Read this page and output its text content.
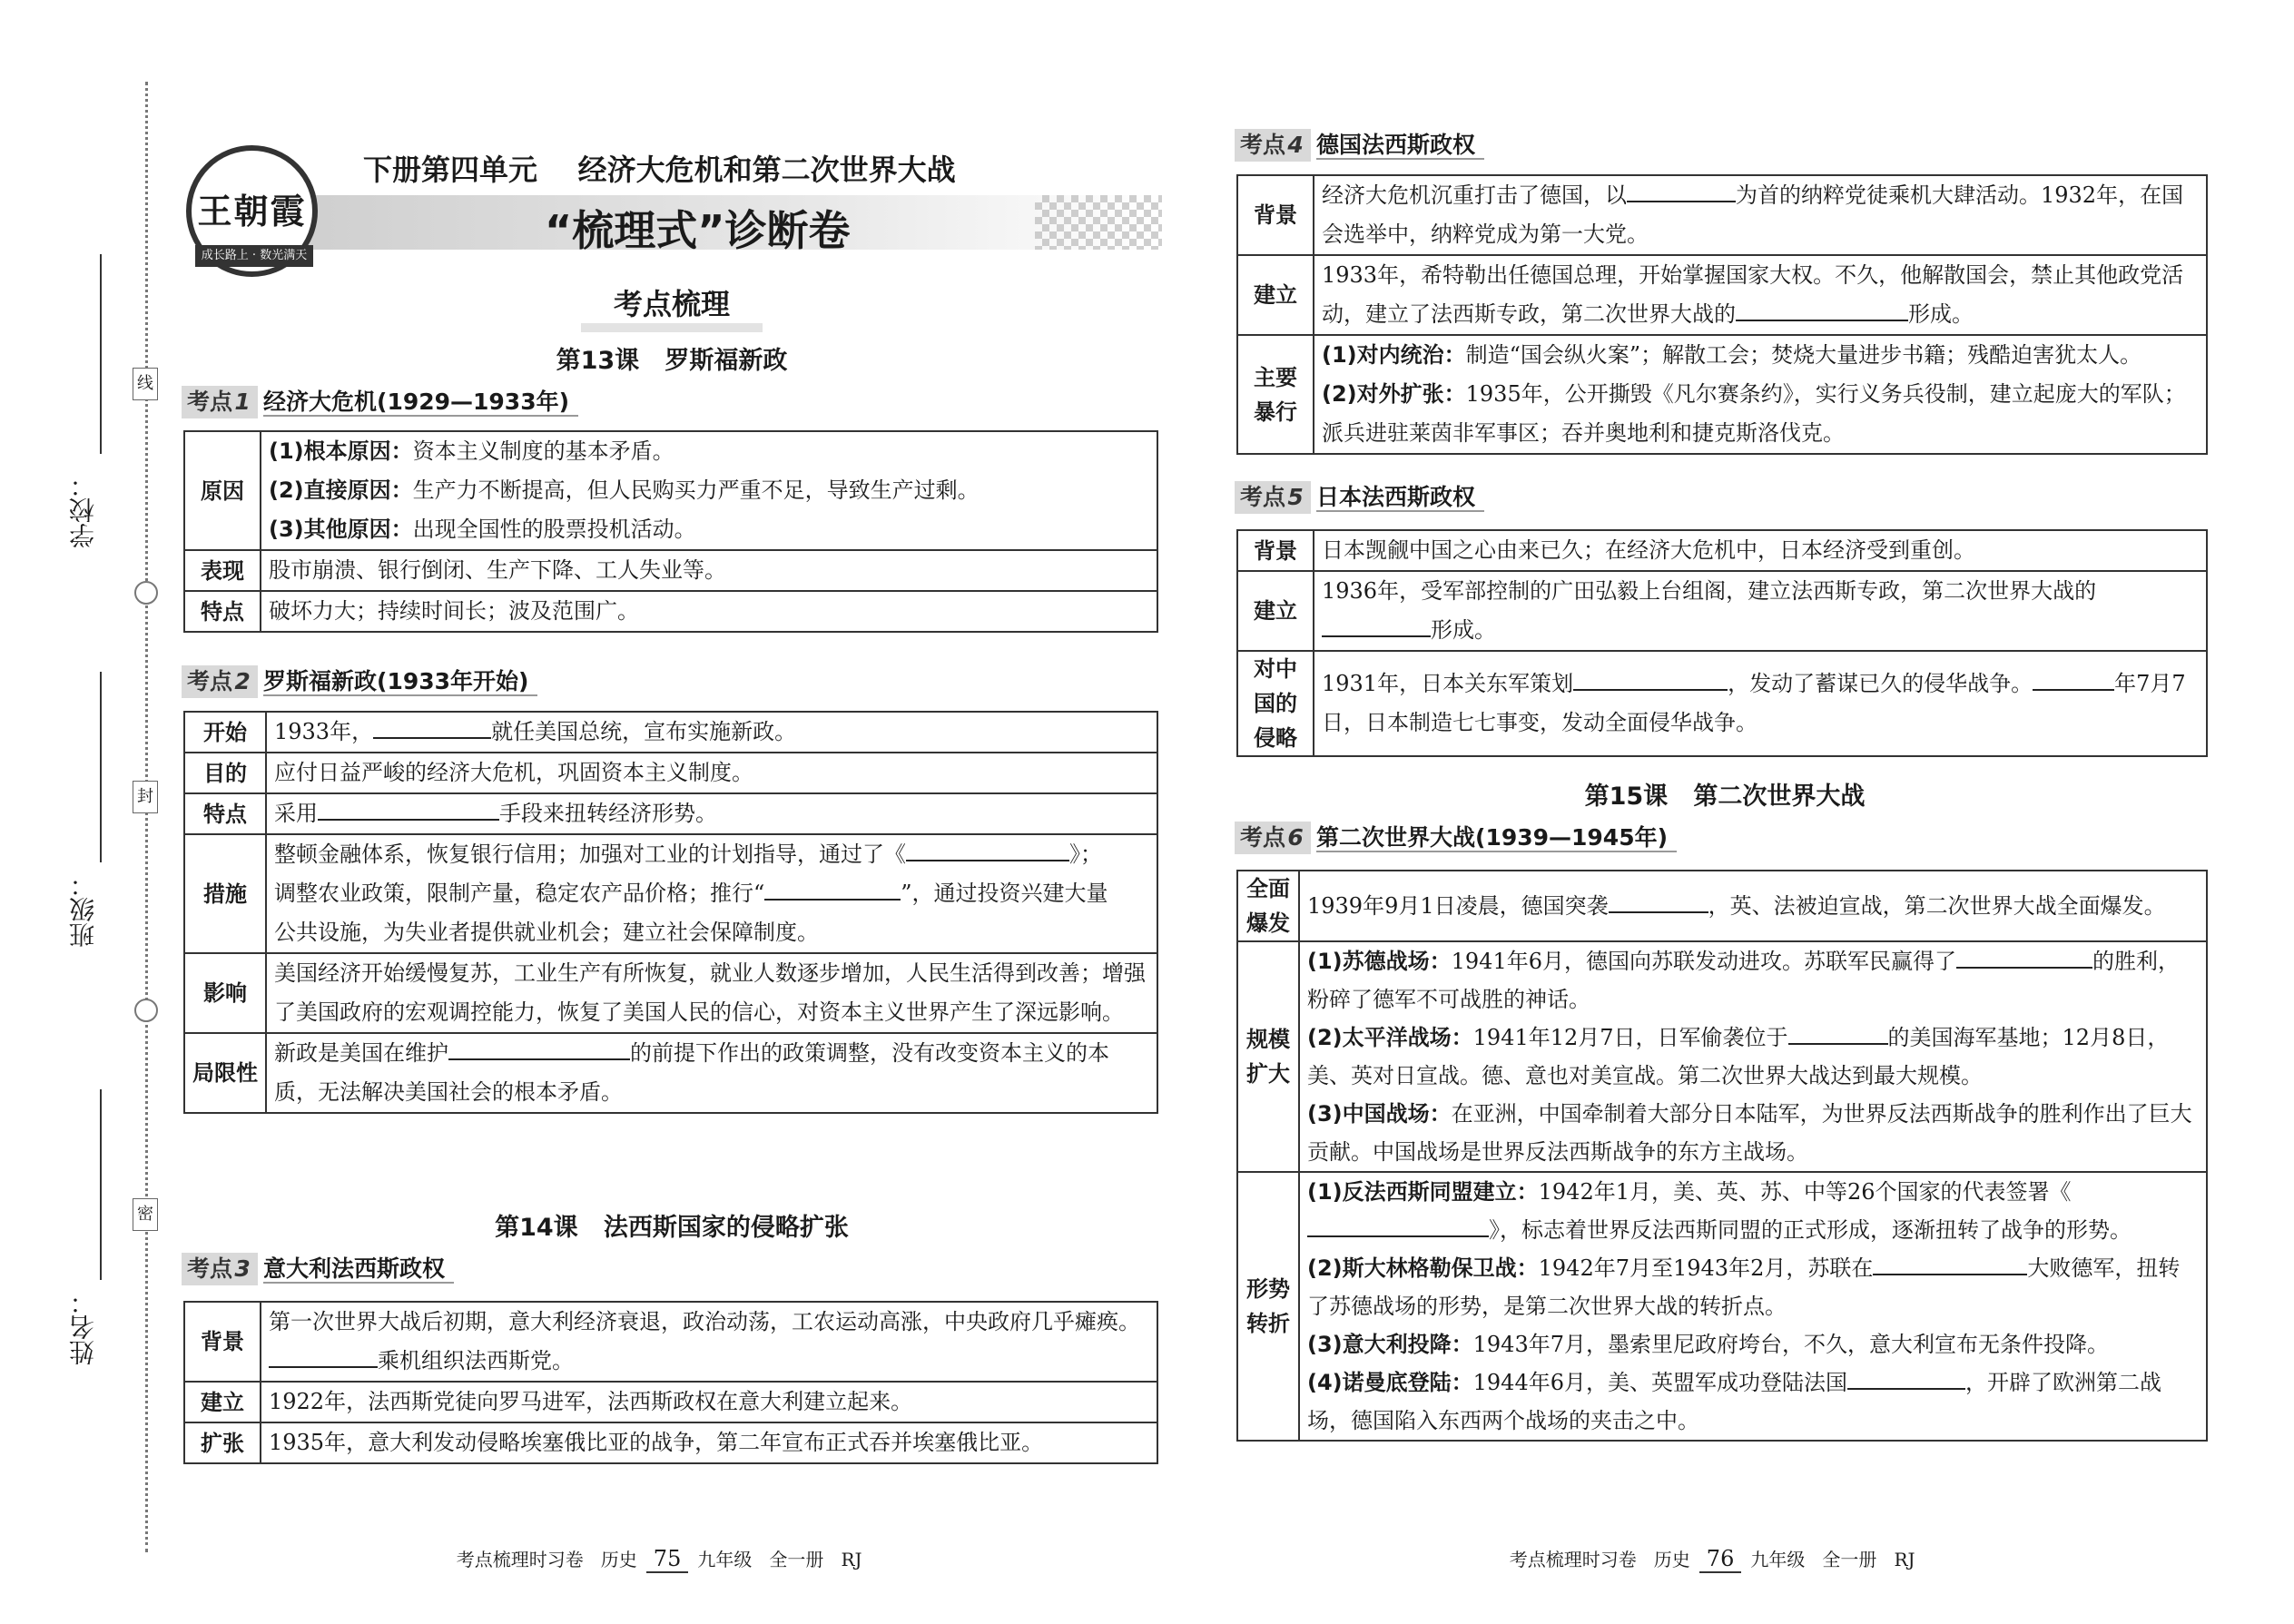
学校：
班级：
姓名：
线
封
密
王朝霞
成长路上 · 数光满天
下册第四单元    经济大危机和第二次世界大战
“梳理式”诊断卷
考点梳理
第13课   罗斯福新政
考点1 经济大危机(1929—1933年)
原因	(1)根本原因：资本主义制度的基本矛盾。
(2)直接原因：生产力不断提高，但人民购买力严重不足，导致生产过剩。
(3)其他原因：出现全国性的股票投机活动。

表现	股市崩溃、银行倒闭、生产下降、工人失业等。
特点	破坏力大；持续时间长；波及范围广。
考点2 罗斯福新政(1933年开始)
开始	1933年， 就任美国总统，宣布实施新政。
目的	应付日益严峻的经济大危机，巩固资本主义制度。
特点	采用 手段来扭转经济形势。
措施	整顿金融体系，恢复银行信用；加强对工业的计划指导，通过了《 》；
调整农业政策，限制产量，稳定农产品价格；推行“ ”，通过投资兴建大量
公共设施，为失业者提供就业机会；建立社会保障制度。

影响	美国经济开始缓慢复苏，工业生产有所恢复，就业人数逐步增加，人民生活得到改善；增强了美国政府的宏观调控能力，恢复了美国人民的信心，对资本主义世界产生了深远影响。
局限性	新政是美国在维护 的前提下作出的政策调整，没有改变资本主义的本质，无法解决美国社会的根本矛盾。
第14课   法西斯国家的侵略扩张
考点3 意大利法西斯政权
背景	第一次世界大战后初期，意大利经济衰退，政治动荡，工农运动高涨，中央政府几乎瘫痪。乘机组织法西斯党。
建立	1922年，法西斯党徒向罗马进军，法西斯政权在意大利建立起来。
扩张	1935年，意大利发动侵略埃塞俄比亚的战争，第二年宣布正式吞并埃塞俄比亚。

考点梳理时习卷   历史 75 九年级   全一册   RJ

考点4 德国法西斯政权
背景	经济大危机沉重打击了德国，以 为首的纳粹党徒乘机大肆活动。1932年，在国会选举中，纳粹党成为第一大党。
建立	1933年，希特勒出任德国总理，开始掌握国家大权。不久，他解散国会，禁止其他政党活动，建立了法西斯专政，第二次世界大战的 形成。
主要暴行	(1)对内统治：制造“国会纵火案”；解散工会；焚烧大量进步书籍；残酷迫害犹太人。
(2)对外扩张：1935年，公开撕毁《凡尔赛条约》，实行义务兵役制，建立起庞大的军队；派兵进驻莱茵非军事区；吞并奥地利和捷克斯洛伐克。
考点5 日本法西斯政权
背景	日本觊觎中国之心由来已久；在经济大危机中，日本经济受到重创。
建立	1936年，受军部控制的广田弘毅上台组阁，建立法西斯专政，第二次世界大战的形成。
对中国的侵略	1931年，日本关东军策划 ，发动了蓄谋已久的侵华战争。 年7月7日，日本制造七七事变，发动全面侵华战争。
第15课   第二次世界大战
考点6 第二次世界大战(1939—1945年)
全面爆发	1939年9月1日凌晨，德国突袭 ，英、法被迫宣战，第二次世界大战全面爆发。
规模扩大	(1)苏德战场：1941年6月，德国向苏联发动进攻。苏联军民赢得了 的胜利，粉碎了德军不可战胜的神话。
(2)太平洋战场：1941年12月7日，日军偷袭位于 的美国海军基地；12月8日，美、英对日宣战。德、意也对美宣战。第二次世界大战达到最大规模。
(3)中国战场：在亚洲，中国牵制着大部分日本陆军，为世界反法西斯战争的胜利作出了巨大贡献。中国战场是世界反法西斯战争的东方主战场。

形势转折	(1)反法西斯同盟建立：1942年1月，美、英、苏、中等26个国家的代表签署《》，标志着世界反法西斯同盟的正式形成，逐渐扭转了战争的形势。
(2)斯大林格勒保卫战：1942年7月至1943年2月，苏联在 大败德军，扭转了苏德战场的形势，是第二次世界大战的转折点。
(3)意大利投降：1943年7月，墨索里尼政府垮台，不久，意大利宣布无条件投降。
(4)诺曼底登陆：1944年6月，美、英盟军成功登陆法国 ，开辟了欧洲第二战场，德国陷入东西两个战场的夹击之中。

考点梳理时习卷   历史 76 九年级   全一册   RJ
